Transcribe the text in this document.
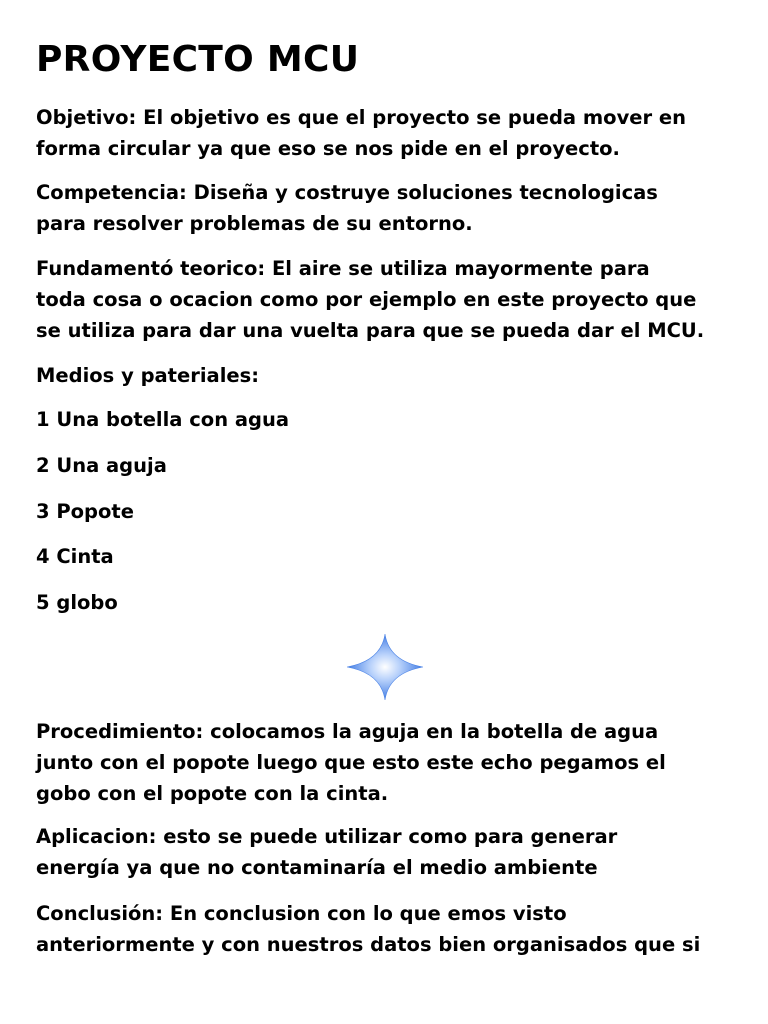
PROYECTO MCU

Objetivo: El objetivo es que el proyecto se pueda mover en
forma circular ya que eso se nos pide en el proyecto.

Competencia: Diseña y costruye soluciones tecnologicas
para resolver problemas de su entorno.

Fundamentó teorico: El aire se utiliza mayormente para
toda cosa o ocacion como por ejemplo en este proyecto que
se utiliza para dar una vuelta para que se pueda dar el MCU.

Medios y pateriales:

1 Una botella con agua

2 Una aguja

3 Popote

4 Cinta

5 globo

Procedimiento: colocamos la aguja en la botella de agua
junto con el popote luego que esto este echo pegamos el
gobo con el popote con la cinta.

Aplicacion: esto se puede utilizar como para generar
energía ya que no contaminaría el medio ambiente

Conclusión: En conclusion con lo que emos visto
anteriormente y con nuestros datos bien organisados que si
